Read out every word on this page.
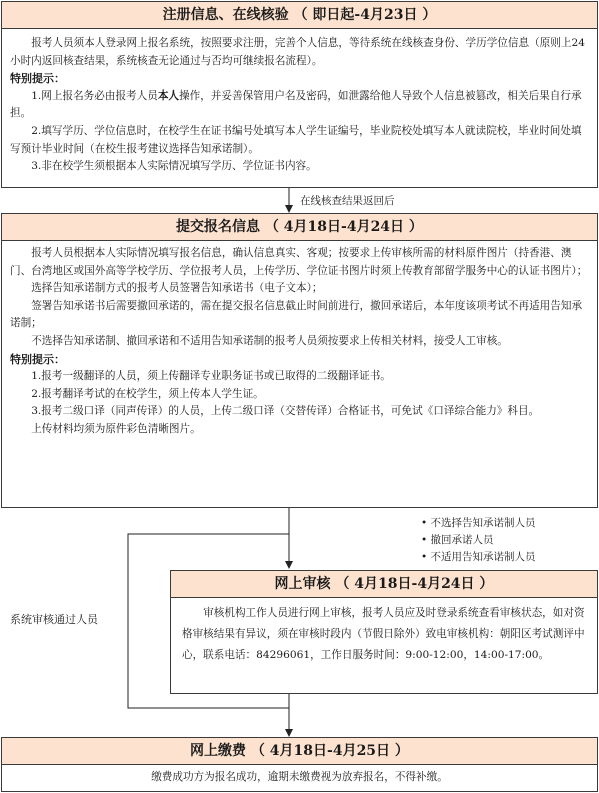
注册信息、在线核验 （ 即日起-4月23日 ）

报考人员须本人登录网上报名系统，按照要求注册，完善个人信息，等待系统在线核查身份、学历学位信息（原则上24小时内返回核查结果，系统核查无论通过与否均可继续报名流程）。

特别提示：

1.网上报名务必由报考人员本人操作，并妥善保管用户名及密码，如泄露给他人导致个人信息被篡改，相关后果自行承担。

2.填写学历、学位信息时，在校学生在证书编号处填写本人学生证编号，毕业院校处填写本人就读院校，毕业时间处填写预计毕业时间（在校生报考建议选择告知承诺制）。

3.非在校学生须根据本人实际情况填写学历、学位证书内容。

在线核查结果返回后
提交报名信息 （ 4月18日-4月24日 ）

报考人员根据本人实际情况填写报名信息，确认信息真实、客观；按要求上传审核所需的材料原件图片（持香港、澳门、台湾地区或国外高等学校学历、学位报考人员，上传学历、学位证书图片时须上传教育部留学服务中心的认证书图片）；

选择告知承诺制方式的报考人员签署告知承诺书（电子文本）；

签署告知承诺书后需要撤回承诺的，需在提交报名信息截止时间前进行，撤回承诺后，本年度该项考试不再适用告知承诺制；

不选择告知承诺制、撤回承诺和不适用告知承诺制的报考人员须按要求上传相关材料，接受人工审核。

特别提示：

1.报考一级翻译的人员，须上传翻译专业职务证书或已取得的二级翻译证书。

2.报考翻译考试的在校学生，须上传本人学生证。

3.报考二级口译（同声传译）的人员，上传二级口译（交替传译）合格证书，可免试《口译综合能力》科目。

上传材料均须为原件彩色清晰图片。

• 不选择告知承诺制人员
• 撤回承诺人员
• 不适用告知承诺制人员
系统审核通过人员
网上审核 （ 4月18日-4月24日 ）

审核机构工作人员进行网上审核，报考人员应及时登录系统查看审核状态，如对资格审核结果有异议，须在审核时段内（节假日除外）致电审核机构：朝阳区考试测评中心，联系电话：84296061，工作日服务时间：9:00-12:00，14:00-17:00。

网上缴费 （ 4月18日-4月25日 ）

缴费成功方为报名成功，逾期未缴费视为放弃报名，不得补缴。
